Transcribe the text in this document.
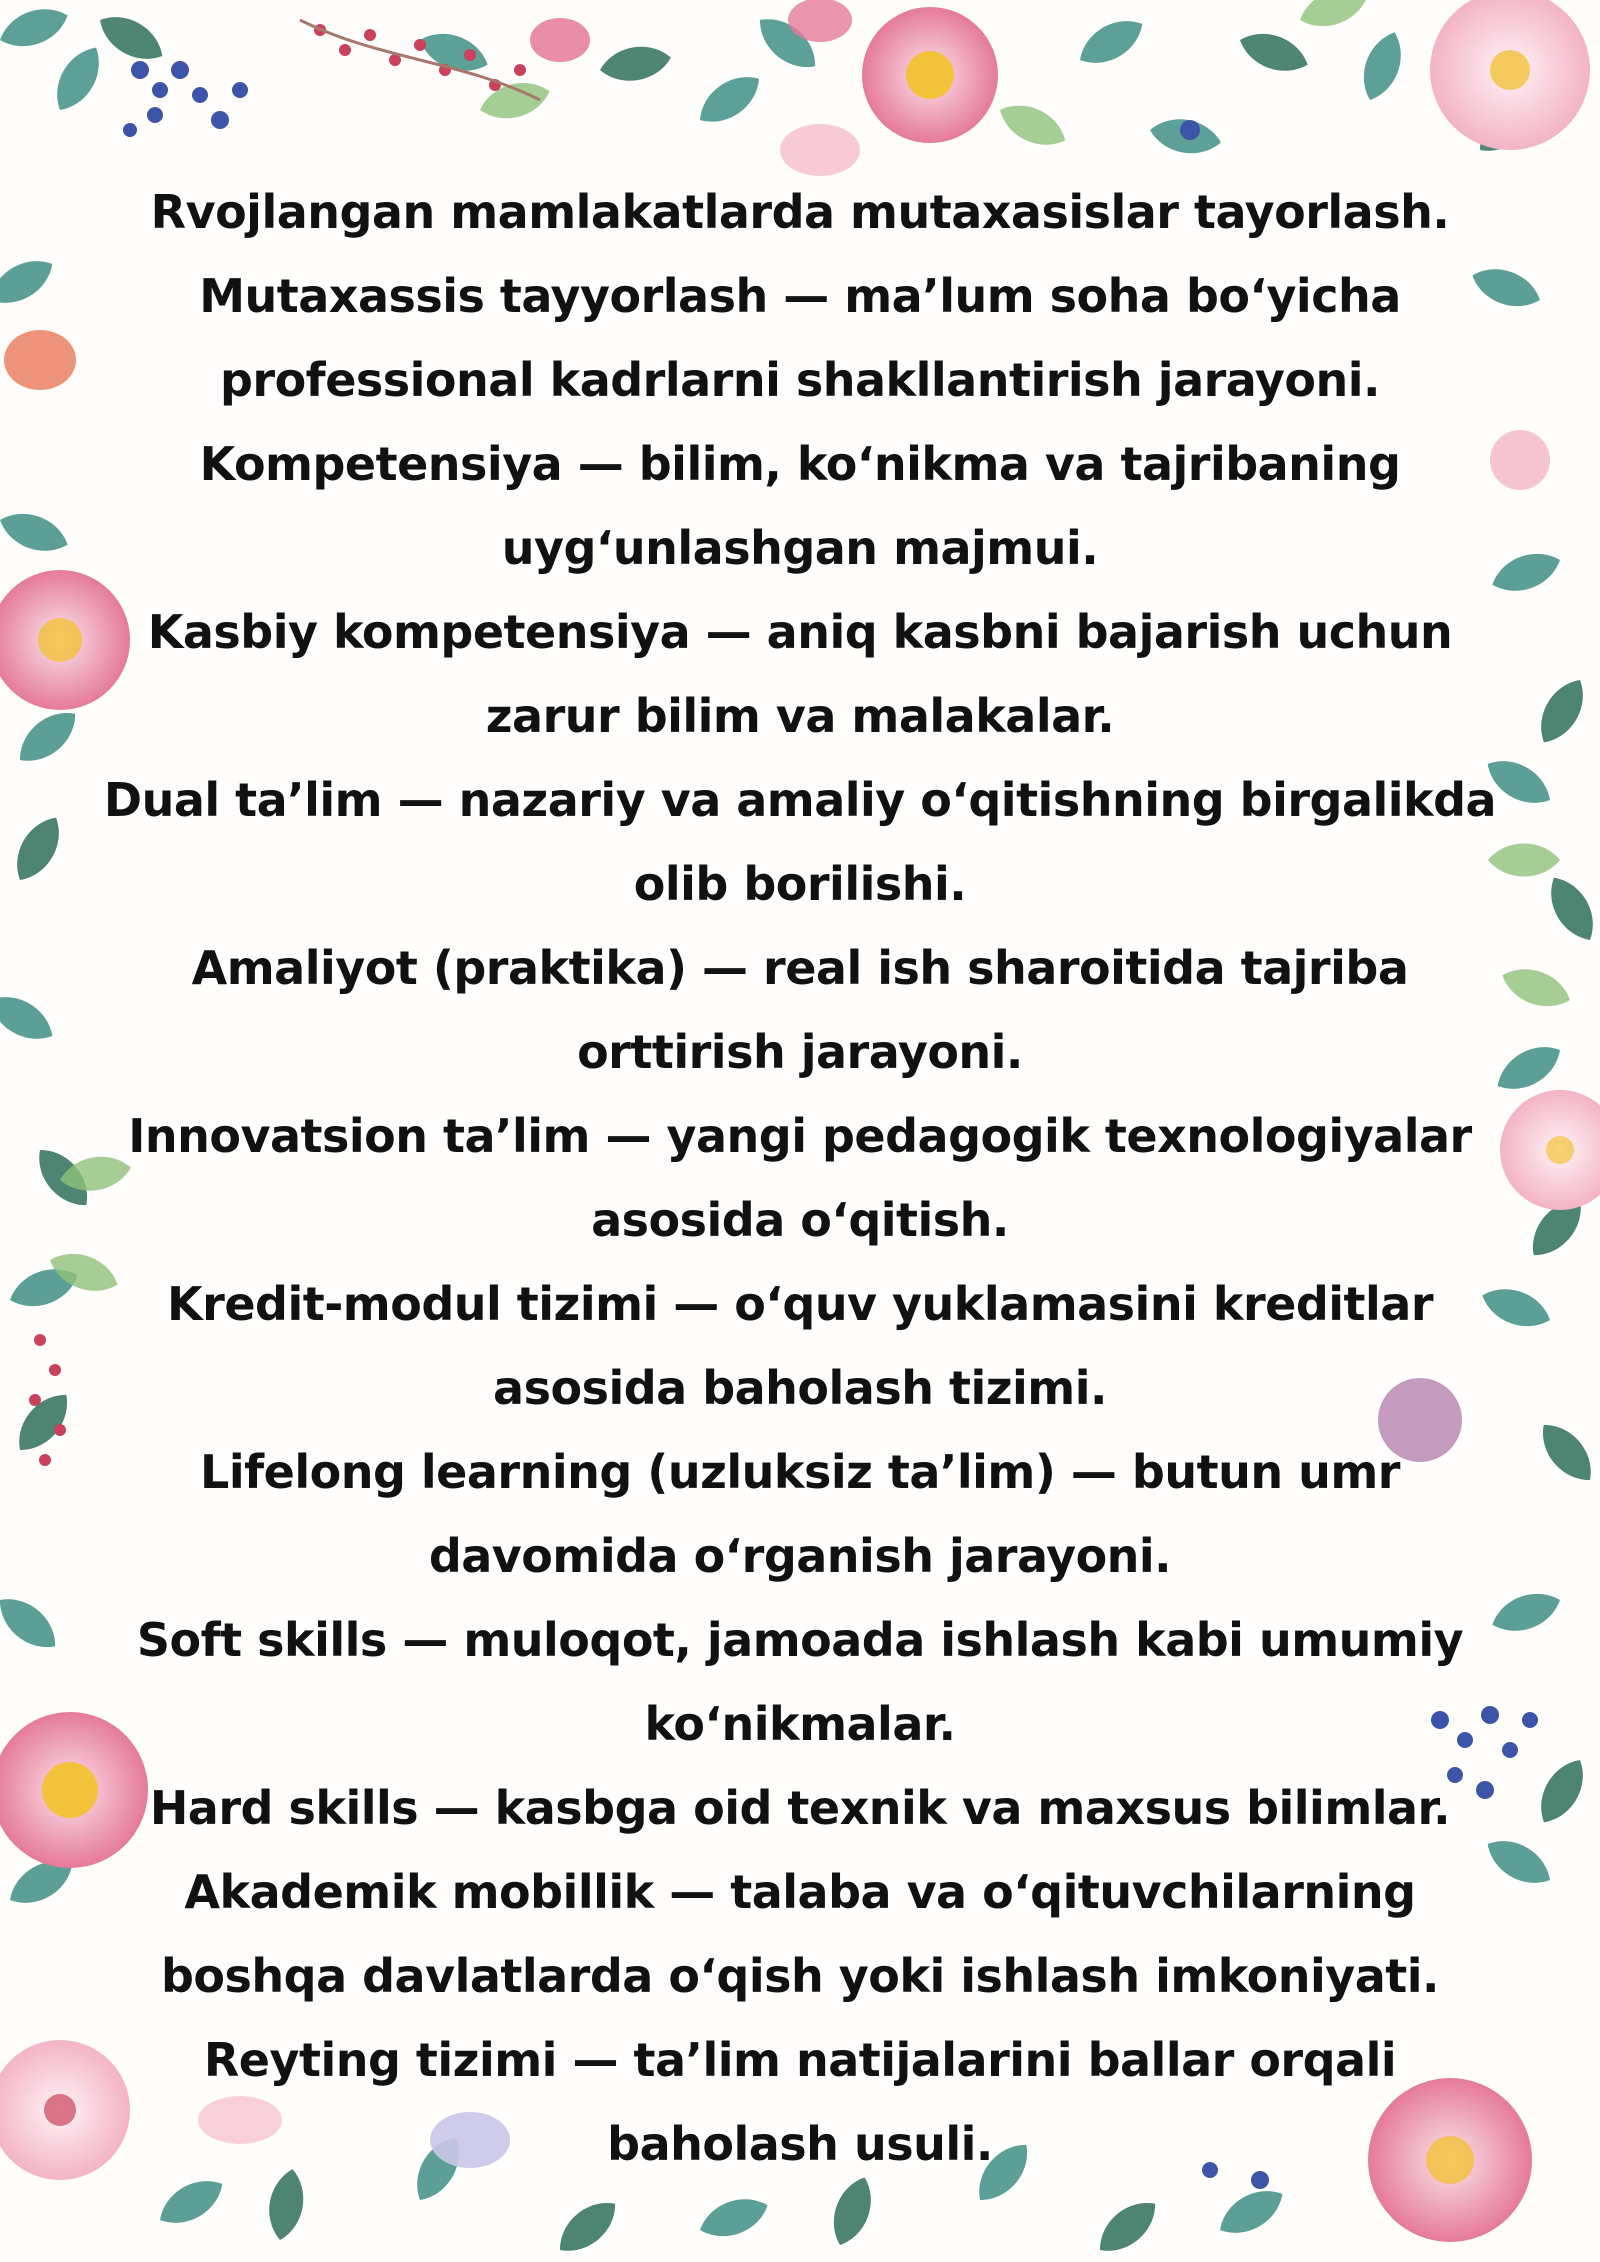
Rvojlangan mamlakatlarda mutaxasislar tayorlash.

Mutaxassis tayyorlash — ma’lum soha bo‘yicha professional kadrlarni shakllantirish jarayoni.

Kompetensiya — bilim, ko‘nikma va tajribaning uyg‘unlashgan majmui.

Kasbiy kompetensiya — aniq kasbni bajarish uchun zarur bilim va malakalar.

Dual ta’lim — nazariy va amaliy o‘qitishning birgalikda olib borilishi.

Amaliyot (praktika) — real ish sharoitida tajriba orttirish jarayoni.

Innovatsion ta’lim — yangi pedagogik texnologiyalar asosida o‘qitish.

Kredit-modul tizimi — o‘quv yuklamasini kreditlar asosida baholash tizimi.

Lifelong learning (uzluksiz ta’lim) — butun umr davomida o‘rganish jarayoni.

Soft skills — muloqot, jamoada ishlash kabi umumiy ko‘nikmalar.

Hard skills — kasbga oid texnik va maxsus bilimlar.

Akademik mobillik — talaba va o‘qituvchilarning boshqa davlatlarda o‘qish yoki ishlash imkoniyati.

Reyting tizimi — ta’lim natijalarini ballar orqali baholash usuli.
